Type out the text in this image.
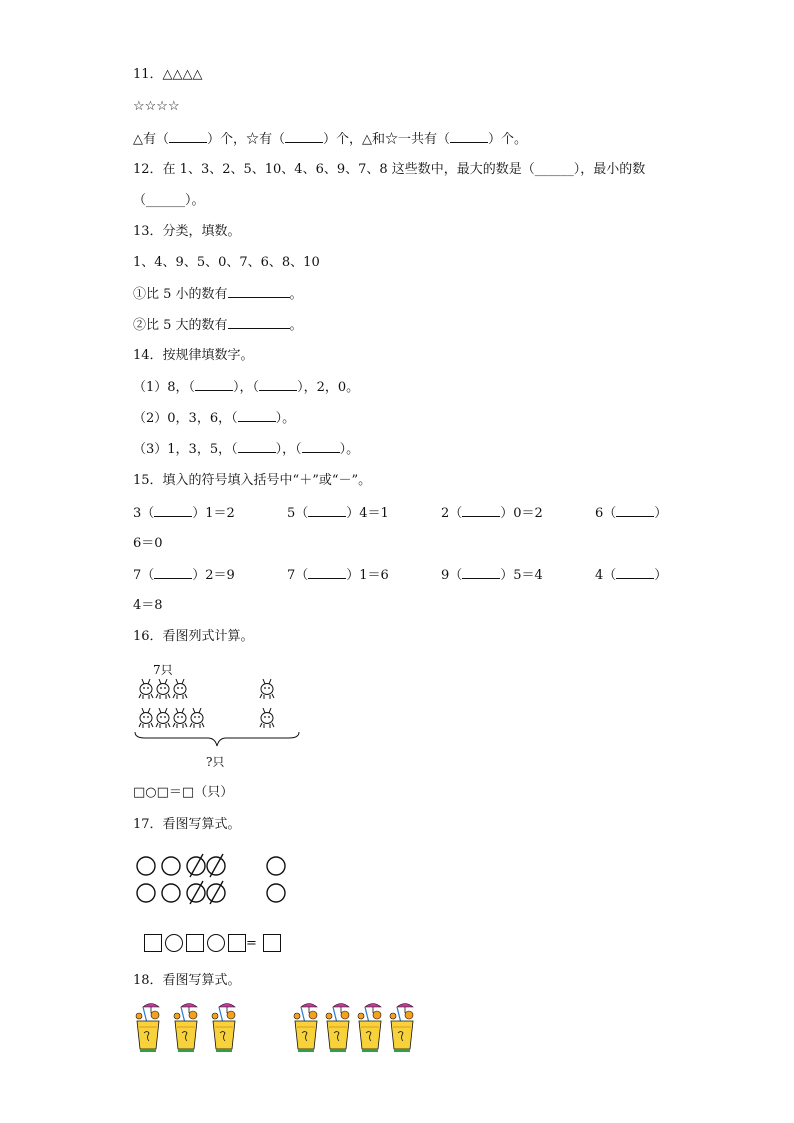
11．△△△△
☆☆☆☆
△有（	）个，☆有（	）个，△和☆一共有（	）个。
12．在 1、3、2、5、10、4、6、9、7、8 这些数中，最大的数是（______），最小的数
（______）。
13．分类，填数。
1、4、9、5、0、7、6、8、10
①比 5 小的数有	。
②比 5 大的数有	。
14．按规律填数字。
（1）8，（	），（	），2，0。
（2）0，3，6，（	）。
（3）1，3，5，（	），（	）。
15．填入的符号填入括号中“＋”或“－”。
3（	）1＝2	5（	）4＝1	2（	）0＝2	6（	）
6＝0
7（	）2＝9	7（	）1＝6	9（	）5＝4	4（	）
4＝8
16．看图列式计算。
7只
?只
□○□＝□（只）
17．看图写算式。
=
18．看图写算式。
